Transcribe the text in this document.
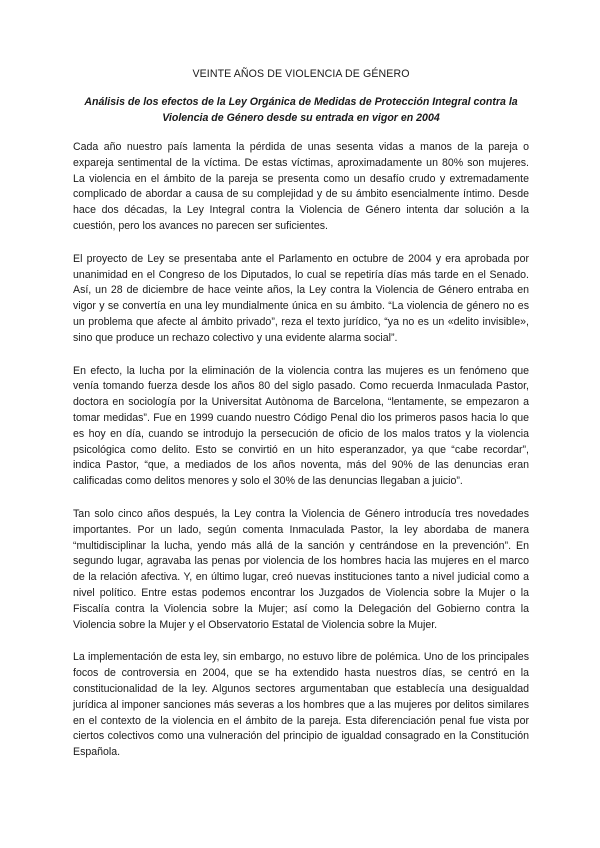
VEINTE AÑOS DE VIOLENCIA DE GÉNERO
Análisis de los efectos de la Ley Orgánica de Medidas de Protección Integral contra la Violencia de Género desde su entrada en vigor en 2004

Cada año nuestro país lamenta la pérdida de unas sesenta vidas a manos de la pareja o expareja sentimental de la víctima. De estas víctimas, aproximadamente un 80% son mujeres. La violencia en el ámbito de la pareja se presenta como un desafío crudo y extremadamente complicado de abordar a causa de su complejidad y de su ámbito esencialmente íntimo. Desde hace dos décadas, la Ley Integral contra la Violencia de Género intenta dar solución a la cuestión, pero los avances no parecen ser suficientes.

El proyecto de Ley se presentaba ante el Parlamento en octubre de 2004 y era aprobada por unanimidad en el Congreso de los Diputados, lo cual se repetiría días más tarde en el Senado. Así, un 28 de diciembre de hace veinte años, la Ley contra la Violencia de Género entraba en vigor y se convertía en una ley mundialmente única en su ámbito. “La violencia de género no es un problema que afecte al ámbito privado”, reza el texto jurídico, “ya no es un «delito invisible», sino que produce un rechazo colectivo y una evidente alarma social”.

En efecto, la lucha por la eliminación de la violencia contra las mujeres es un fenómeno que venía tomando fuerza desde los años 80 del siglo pasado. Como recuerda Inmaculada Pastor, doctora en sociología por la Universitat Autònoma de Barcelona, “lentamente, se empezaron a tomar medidas”. Fue en 1999 cuando nuestro Código Penal dio los primeros pasos hacia lo que es hoy en día, cuando se introdujo la persecución de oficio de los malos tratos y la violencia psicológica como delito. Esto se convirtió en un hito esperanzador, ya que “cabe recordar”, indica Pastor, “que, a mediados de los años noventa, más del 90% de las denuncias eran calificadas como delitos menores y solo el 30% de las denuncias llegaban a juicio”.

Tan solo cinco años después, la Ley contra la Violencia de Género introducía tres novedades importantes. Por un lado, según comenta Inmaculada Pastor, la ley abordaba de manera “multidisciplinar la lucha, yendo más allá de la sanción y centrándose en la prevención”. En segundo lugar, agravaba las penas por violencia de los hombres hacia las mujeres en el marco de la relación afectiva. Y, en último lugar, creó nuevas instituciones tanto a nivel judicial como a nivel político. Entre estas podemos encontrar los Juzgados de Violencia sobre la Mujer o la Fiscalía contra la Violencia sobre la Mujer; así como la Delegación del Gobierno contra la Violencia sobre la Mujer y el Observatorio Estatal de Violencia sobre la Mujer.

La implementación de esta ley, sin embargo, no estuvo libre de polémica. Uno de los principales focos de controversia en 2004, que se ha extendido hasta nuestros días, se centró en la constitucionalidad de la ley. Algunos sectores argumentaban que establecía una desigualdad jurídica al imponer sanciones más severas a los hombres que a las mujeres por delitos similares en el contexto de la violencia en el ámbito de la pareja. Esta diferenciación penal fue vista por ciertos colectivos como una vulneración del principio de igualdad consagrado en la Constitución Española.
